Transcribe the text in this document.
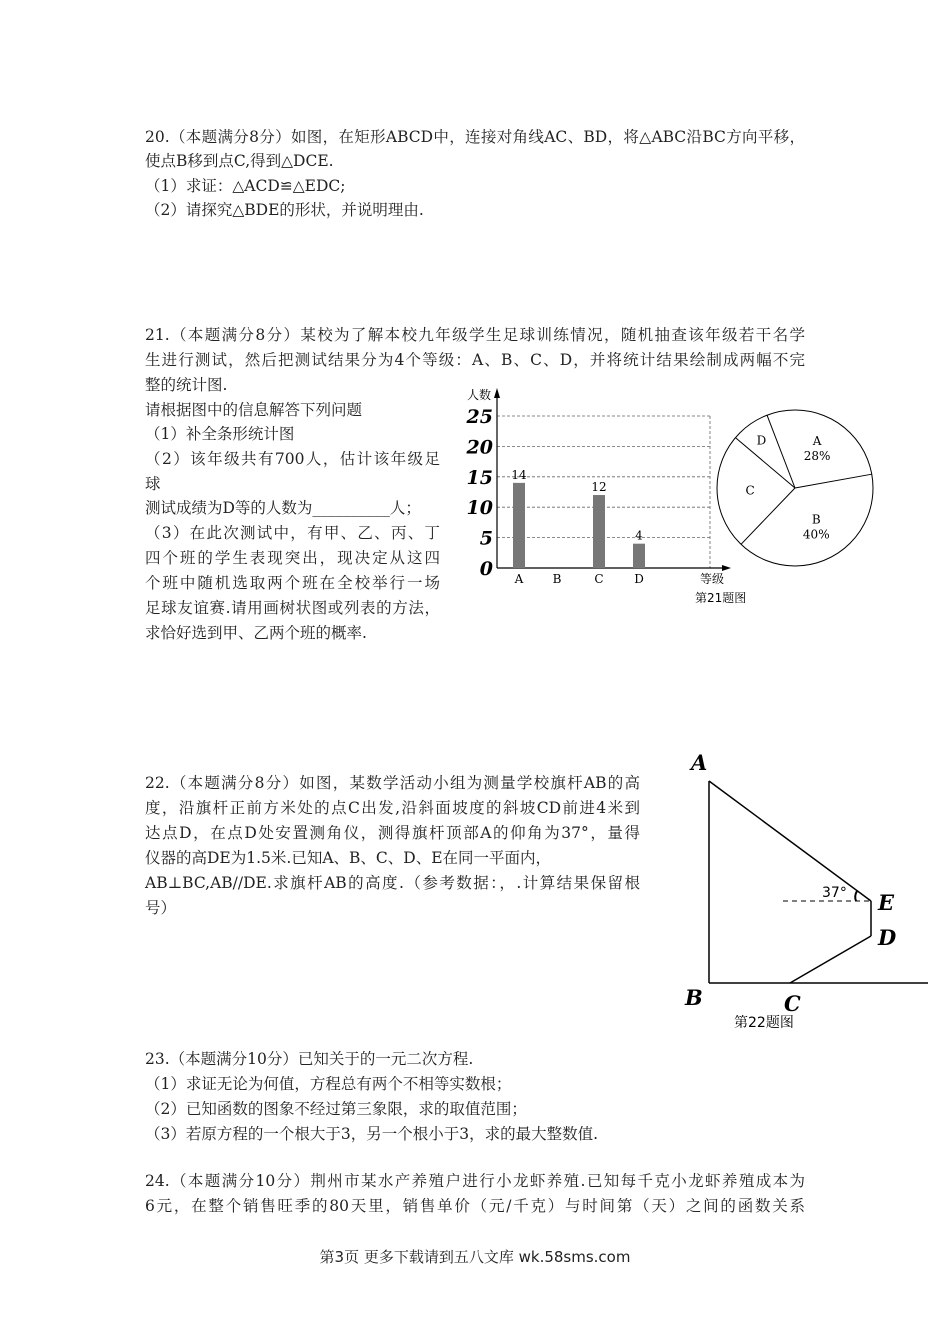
20.（本题满分8分）如图，在矩形ABCD中，连接对角线AC、BD，将△ABC沿BC方向平移，
使点B移到点C,得到△DCE.
（1）求证：△ACD≌△EDC;
（2）请探究△BDE的形状，并说明理由.
21.（本题满分8分）某校为了解本校九年级学生足球训练情况，随机抽查该年级若干名学
生进行测试，然后把测试结果分为4个等级：A、B、C、D，并将统计结果绘制成两幅不完
整的统计图.
请根据图中的信息解答下列问题
（1）补全条形统计图
（2）该年级共有700人，估计该年级足
球
测试成绩为D等的人数为__________人；
（3）在此次测试中，有甲、乙、丙、丁
四个班的学生表现突出，现决定从这四
个班中随机选取两个班在全校举行一场
足球友谊赛.请用画树状图或列表的方法，
求恰好选到甲、乙两个班的概率.
22.（本题满分8分）如图，某数学活动小组为测量学校旗杆AB的高
度，沿旗杆正前方米处的点C出发,沿斜面坡度的斜坡CD前进4米到
达点D，在点D处安置测角仪，测得旗杆顶部A的仰角为37°，量得
仪器的高DE为1.5米.已知A、B、C、D、E在同一平面内，
AB⊥BC,AB//DE.求旗杆AB的高度.（参考数据：，.计算结果保留根
号）
23.（本题满分10分）已知关于的一元二次方程.
（1）求证无论为何值，方程总有两个不相等实数根；
（2）已知函数的图象不经过第三象限，求的取值范围；
（3）若原方程的一个根大于3，另一个根小于3，求的最大整数值.
24.（本题满分10分）荆州市某水产养殖户进行小龙虾养殖.已知每千克小龙虾养殖成本为
6元，在整个销售旺季的80天里，销售单价（元/千克）与时间第（天）之间的函数关系
0
5
10
15
20
25
人数
等级
第21题图
A
14
B	C
12
D
4
A
28%
B
40%
C
D
A
B	C
D
E
37°
第22题图
第3页 更多下载请到五八文库 wk.58sms.com
